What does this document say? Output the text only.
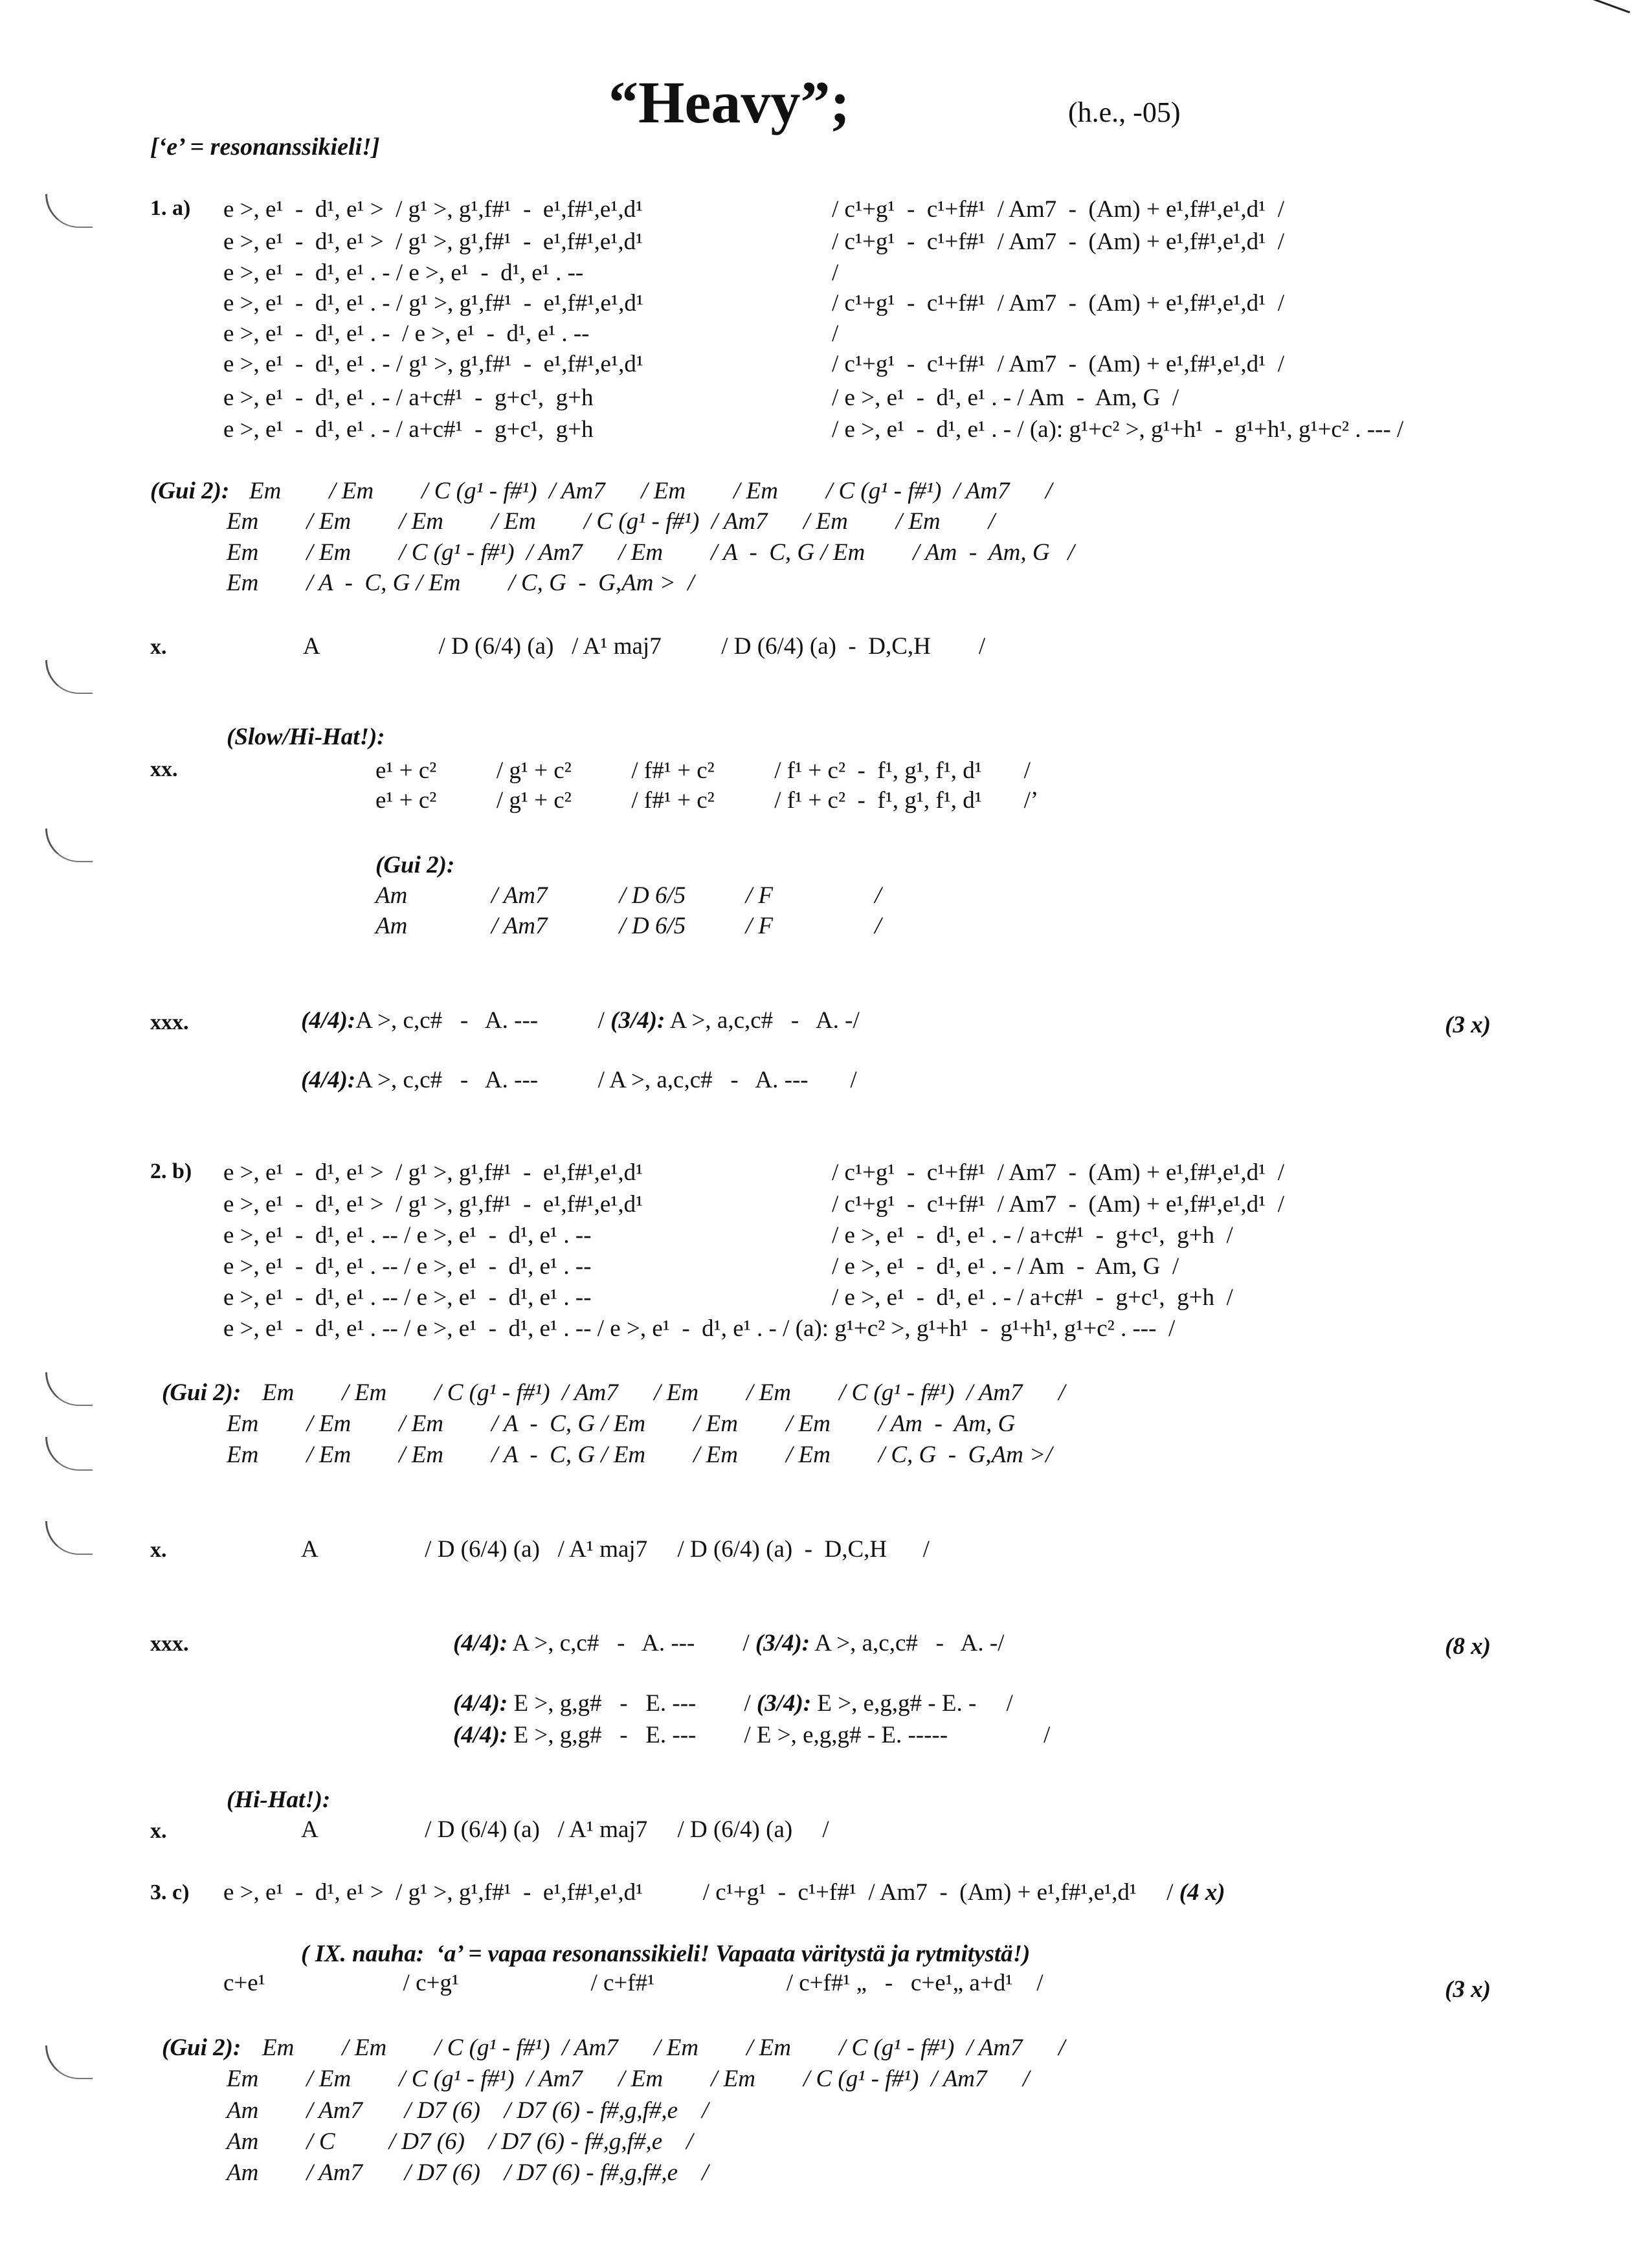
“Heavy”;	(h.e., -05)
[‘e’ = resonanssikieli!]
1. a) e >, e¹  -  d¹, e¹ >  / g¹ >, g¹,f#¹  -  e¹,f#¹,e¹,d¹	/ c¹+g¹  -  c¹+f#¹  / Am7  -  (Am) + e¹,f#¹,e¹,d¹  /
e >, e¹  -  d¹, e¹ >  / g¹ >, g¹,f#¹  -  e¹,f#¹,e¹,d¹	/ c¹+g¹  -  c¹+f#¹  / Am7  -  (Am) + e¹,f#¹,e¹,d¹  /
e >, e¹  -  d¹, e¹ . - / e >, e¹  -  d¹, e¹ . --	/
e >, e¹  -  d¹, e¹ . - / g¹ >, g¹,f#¹  -  e¹,f#¹,e¹,d¹	/ c¹+g¹  -  c¹+f#¹  / Am7  -  (Am) + e¹,f#¹,e¹,d¹  /
e >, e¹  -  d¹, e¹ . -  / e >, e¹  -  d¹, e¹ . --	/
e >, e¹  -  d¹, e¹ . - / g¹ >, g¹,f#¹  -  e¹,f#¹,e¹,d¹	/ c¹+g¹  -  c¹+f#¹  / Am7  -  (Am) + e¹,f#¹,e¹,d¹  /
e >, e¹  -  d¹, e¹ . - / a+c#¹  -  g+c¹,  g+h	/ e >, e¹  -  d¹, e¹ . - / Am  -  Am, G  /
e >, e¹  -  d¹, e¹ . - / a+c#¹  -  g+c¹,  g+h	/ e >, e¹  -  d¹, e¹ . - / (a): g¹+c² >, g¹+h¹  -  g¹+h¹, g¹+c² . --- /
(Gui 2): Em        / Em        / C (g¹ - f#¹)  / Am7      / Em        / Em        / C (g¹ - f#¹)  / Am7      /
Em        / Em        / Em        / Em        / C (g¹ - f#¹)  / Am7      / Em        / Em        /
Em        / Em        / C (g¹ - f#¹)  / Am7      / Em        / A  -  C, G / Em        / Am  -  Am, G   /
Em        / A  -  C, G / Em        / C, G  -  G,Am >  /
x.	A                    / D (6/4) (a)   / A¹ maj7          / D (6/4) (a)  -  D,C,H        /
(Slow/Hi-Hat!):
xx.	e¹ + c²          / g¹ + c²          / f#¹ + c²          / f¹ + c²  -  f¹, g¹, f¹, d¹       /
e¹ + c²          / g¹ + c²          / f#¹ + c²          / f¹ + c²  -  f¹, g¹, f¹, d¹       /’
(Gui 2):
Am              / Am7            / D 6/5          / F                 /
Am              / Am7            / D 6/5          / F                 /
xxx.	(4/4):A >, c,c#   -   A. ---          / (3/4): A >, a,c,c#   -   A. -/	(3 x)
(4/4):A >, c,c#   -   A. ---          / A >, a,c,c#   -   A. ---       /
2. b) e >, e¹  -  d¹, e¹ >  / g¹ >, g¹,f#¹  -  e¹,f#¹,e¹,d¹	/ c¹+g¹  -  c¹+f#¹  / Am7  -  (Am) + e¹,f#¹,e¹,d¹  /
e >, e¹  -  d¹, e¹ >  / g¹ >, g¹,f#¹  -  e¹,f#¹,e¹,d¹	/ c¹+g¹  -  c¹+f#¹  / Am7  -  (Am) + e¹,f#¹,e¹,d¹  /
e >, e¹  -  d¹, e¹ . -- / e >, e¹  -  d¹, e¹ . --	/ e >, e¹  -  d¹, e¹ . - / a+c#¹  -  g+c¹,  g+h  /
e >, e¹  -  d¹, e¹ . -- / e >, e¹  -  d¹, e¹ . --	/ e >, e¹  -  d¹, e¹ . - / Am  -  Am, G  /
e >, e¹  -  d¹, e¹ . -- / e >, e¹  -  d¹, e¹ . --	/ e >, e¹  -  d¹, e¹ . - / a+c#¹  -  g+c¹,  g+h  /
e >, e¹  -  d¹, e¹ . -- / e >, e¹  -  d¹, e¹ . -- / e >, e¹  -  d¹, e¹ . - / (a): g¹+c² >, g¹+h¹  -  g¹+h¹, g¹+c² . ---  /
(Gui 2): Em        / Em        / C (g¹ - f#¹)  / Am7      / Em        / Em        / C (g¹ - f#¹)  / Am7      /
Em        / Em        / Em        / A  -  C, G / Em        / Em        / Em        / Am  -  Am, G
Em        / Em        / Em        / A  -  C, G / Em        / Em        / Em        / C, G  -  G,Am >/
x.	A                  / D (6/4) (a)   / A¹ maj7     / D (6/4) (a)  -  D,C,H      /
xxx.	(4/4): A >, c,c#   -   A. ---        / (3/4): A >, a,c,c#   -   A. -/	(8 x)
(4/4): E >, g,g#   -   E. ---        / (3/4): E >, e,g,g# - E. -     /
(4/4): E >, g,g#   -   E. ---        / E >, e,g,g# - E. -----                /
(Hi-Hat!):
x.	A                  / D (6/4) (a)   / A¹ maj7     / D (6/4) (a)     /
3. c) e >, e¹  -  d¹, e¹ >  / g¹ >, g¹,f#¹  -  e¹,f#¹,e¹,d¹          / c¹+g¹  -  c¹+f#¹  / Am7  -  (Am) + e¹,f#¹,e¹,d¹     / (4 x)
( IX. nauha:  ‘a’ = vapaa resonanssikieli! Vapaata väritystä ja rytmitystä!)
c+e¹                       / c+g¹                      / c+f#¹                      / c+f#¹ „   -   c+e¹„ a+d¹    /	(3 x)
(Gui 2): Em        / Em        / C (g¹ - f#¹)  / Am7      / Em        / Em        / C (g¹ - f#¹)  / Am7      /
Em        / Em        / C (g¹ - f#¹)  / Am7      / Em        / Em        / C (g¹ - f#¹)  / Am7      /
Am        / Am7       / D7 (6)    / D7 (6) - f#,g,f#,e    /
Am        / C         / D7 (6)    / D7 (6) - f#,g,f#,e    /
Am        / Am7       / D7 (6)    / D7 (6) - f#,g,f#,e    /
